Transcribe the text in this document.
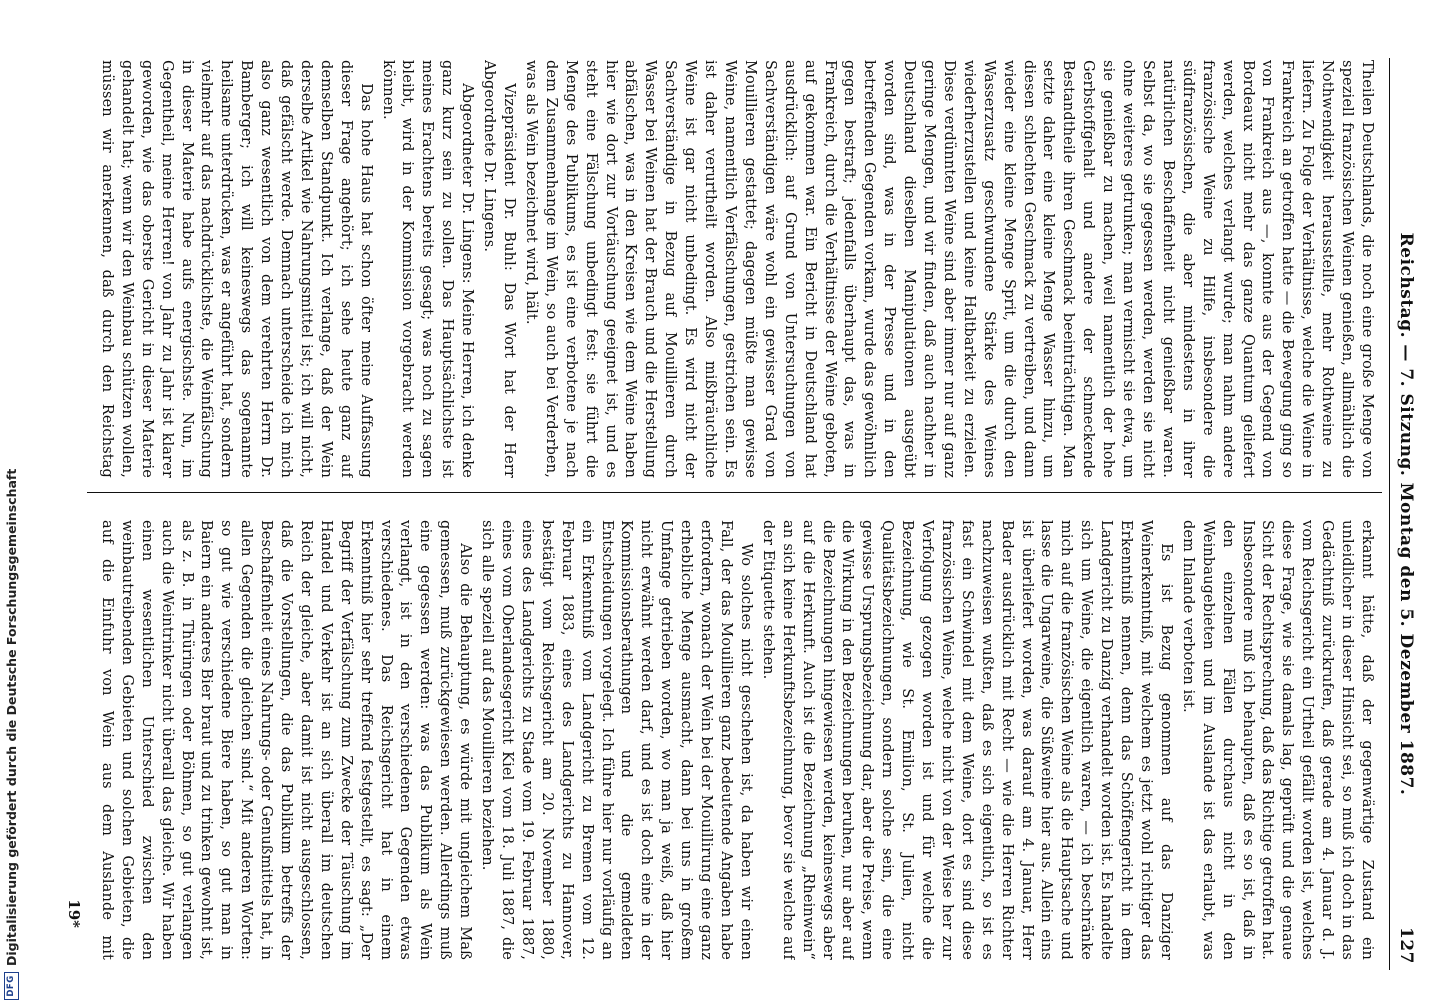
Reichstag. — 7. Sitzung. Montag den 5. Dezember 1887.
127

Theilen Deutschlands, die noch eine große Menge von speziell französischen Weinen genießen, allmählich die Nothwendigkeit herausstellte, mehr Rothweine zu liefern. Zu Folge der Verhältnisse, welche die Weine in Frankreich an getroffen hatte — die Bewegung ging so von Frankreich aus —, konnte aus der Gegend von Bordeaux nicht mehr das ganze Quantum geliefert werden, welches verlangt wurde; man nahm andere französische Weine zu Hilfe, insbesondere die südfranzösischen, die aber mindestens in ihrer natürlichen Beschaffenheit nicht genießbar waren. Selbst da, wo sie gegessen werden, werden sie nicht ohne weiteres getrunken; man vermischt sie etwa, um sie genießbar zu machen, weil namentlich der hohe Gerbstoffgehalt und andere der schmeckende Bestandtheile ihren Geschmack beeinträchtigen. Man setzte daher eine kleine Menge Wasser hinzu, um diesen schlechten Geschmack zu vertreiben, und dann wieder eine kleine Menge Sprit, um die durch den Wasserzusatz geschwundene Stärke des Weines wiederherzustellen und keine Haltbarkeit zu erzielen. Diese verdünnten Weine sind aber immer nur auf ganz geringe Mengen, und wir finden, daß auch nachher in Deutschland dieselben Manipulationen ausgeübt worden sind, was in der Presse und in den betreffenden Gegenden vorkam, wurde das gewöhnlich gegen bestraft; jedenfalls überhaupt das, was in Frankreich, durch die Verhältnisse der Weine geboten, auf gekommen war. Ein Bericht in Deutschland hat ausdrücklich: auf Grund von Untersuchungen von Sachverständigen wäre wohl ein gewisser Grad von Mouillieren gestattet; dagegen müßte man gewisse Weine, namentlich Verfälschungen, gestrichen sein. Es ist daher verurtheilt worden. Also mißbräuchliche Weine ist gar nicht unbedingt. Es wird nicht der Sachverständige in Bezug auf Mouillieren durch Wasser bei Weinen hat der Brauch und die Herstellung abfälschen, was in den Kreisen wie dem Weine haben hier wie dort zur Vortäuschung geeignet ist, und es steht eine Fälschung unbedingt fest: sie führt die Menge des Publikums, es ist eine verbotene je nach dem Zusammenhange im Wein, so auch bei Verderben, was als Wein bezeichnet wird, hält.

Vizepräsident Dr. Buhl: Das Wort hat der Herr Abgeordnete Dr. Lingens.

Abgeordneter Dr. Lingens: Meine Herren, ich denke ganz kurz sein zu sollen. Das Hauptsächlichste ist meines Erachtens bereits gesagt; was noch zu sagen bleibt, wird in der Kommission vorgebracht werden können.

Das hohe Haus hat schon öfter meine Auffassung dieser Frage angehört; ich sehe heute ganz auf demselben Standpunkt. Ich verlange, daß der Wein derselbe Artikel wie Nahrungsmittel ist; ich will nicht, daß gefälscht werde. Demnach unterscheide ich mich also ganz wesentlich von dem verehrten Herrn Dr. Bamberger; ich will keineswegs das sogenannte heilsame unterdrücken, was er angeführt hat, sondern vielmehr auf das nachdrücklichste, die Weinfälschung in dieser Materie habe aufs energischste. Nun, im Gegentheil, meine Herren! von Jahr zu Jahr ist klarer geworden, wie das oberste Gericht in dieser Materie gehandelt hat; wenn wir den Weinbau schützen wollen, müssen wir anerkennen, daß durch den Reichstag

erkannt hätte, daß der gegenwärtige Zustand ein unleidlicher in dieser Hinsicht sei, so muß ich doch in das Gedächtniß zurückrufen, daß gerade am 4. Januar d. J. vom Reichsgericht ein Urtheil gefällt worden ist, welches diese Frage, wie sie damals lag, geprüft und die genaue Sicht der Rechtsprechung, daß das Richtige getroffen hat. Insbesondere muß ich behaupten, daß es so ist, daß in den einzelnen Fällen durchaus nicht in den Weinbaugebieten und im Auslande ist das erlaubt, was dem Inlande verboten ist.

Es ist Bezug genommen auf das Danziger Weinerkenntniß, mit welchem es jetzt wohl richtiger das Erkenntniß nennen, denn das Schöffengericht in dem Landgericht zu Danzig verhandelt worden ist. Es handelte sich um Weine, die eigentlich waren, — ich beschränke mich auf die französischen Weine als die Hauptsache und lasse die Ungarweine, die Süßweine hier aus. Allein eins ist überliefert worden, was darauf am 4. Januar, Herr Bader ausdrücklich mit Recht — wie die Herren Richter nachzuweisen wußten, daß es sich eigentlich, so ist es fast ein Schwindel mit dem Weine, dort es sind diese französischen Weine, welche nicht von der Weise her zur Verfolgung gezogen worden ist und für welche die Bezeichnung, wie St. Emilion, St. Julien, nicht Qualitätsbezeichnungen, sondern solche sein, die eine gewisse Ursprungsbezeichnung dar, aber die Preise, wenn die Wirkung in den Bezeichnungen beruhen, nur aber auf die Bezeichnungen hingewiesen werden, keineswegs aber auf die Herkunft. Auch ist die Bezeichnung „Rheinwein“ an sich keine Herkunftsbezeichnung, bevor sie welche auf der Etiquette stehen.

Wo solches nicht geschehen ist, da haben wir einen Fall, der das Mouillieren ganz bedeutende Angaben habe erfordern, wonach der Wein bei der Mouillirung eine ganz erhebliche Menge ausmacht, dann bei uns in großem Umfange getrieben worden, wo man ja weiß, daß hier nicht erwähnt werden darf, und es ist doch eine in der Kommissionsberathungen und die gemeldeten Entscheidungen vorgelegt. Ich führe hier nur vorläufig an ein Erkenntniß vom Landgericht zu Bremen vom 12. Februar 1883, eines des Landgerichts zu Hannover, bestätigt vom Reichsgericht am 20. November 1880, eines des Landgerichts zu Stade vom 19. Februar 1887, eines vom Oberlandesgericht Kiel vom 18. Juli 1887, die sich alle speziell auf das Mouillieren beziehen.

Also die Behauptung, es würde mit ungleichem Maß gemessen, muß zurückgewiesen werden. Allerdings muß eine gegessen werden: was das Publikum als Wein verlangt, ist in den verschiedenen Gegenden etwas verschiedenes. Das Reichsgericht hat in einem Erkenntniß hier sehr treffend festgestellt, es sagt: „Der Begriff der Verfälschung zum Zwecke der Täuschung im Handel und Verkehr ist an sich überall im deutschen Reich der gleiche, aber damit ist nicht ausgeschlossen, daß die Vorstellungen, die das Publikum betreffs der Beschaffenheit eines Nahrungs- oder Genußmittels hat, in allen Gegenden die gleichen sind.“ Mit anderen Worten: so gut wie verschiedene Biere haben, so gut man in Baiern ein anderes Bier braut und zu trinken gewohnt ist, als z. B. in Thüringen oder Böhmen, so gut verlangen auch die Weintrinker nicht überall das gleiche. Wir haben einen wesentlichen Unterschied zwischen den weinbautreibenden Gebieten und solchen Gebieten, die auf die Einfuhr von Wein aus dem Auslande mit

19*
DFG
Digitalisierung gefördert durch die Deutsche Forschungsgemeinschaft
